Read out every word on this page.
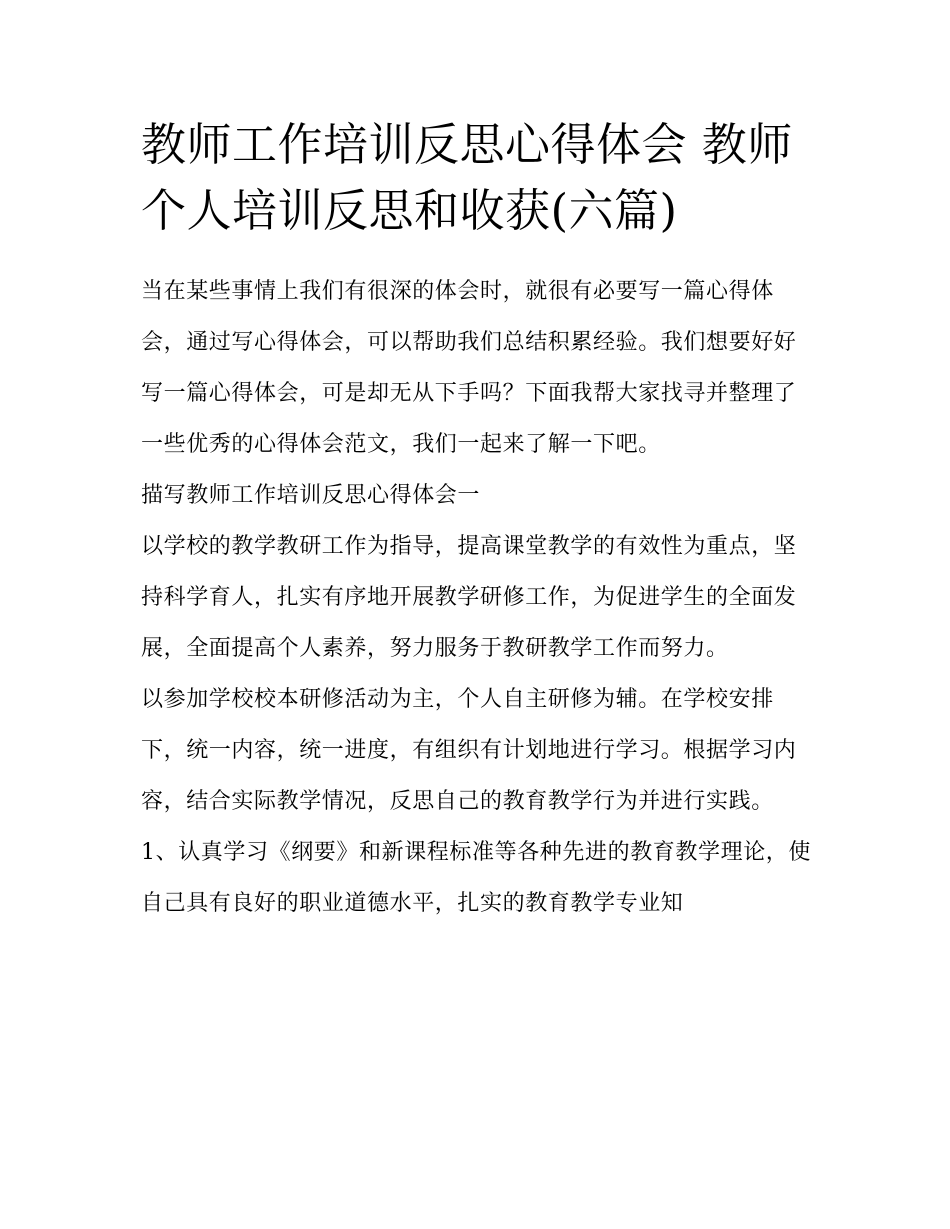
教师工作培训反思心得体会 教师个人培训反思和收获(六篇)

当在某些事情上我们有很深的体会时，就很有必要写一篇心得体会，通过写心得体会，可以帮助我们总结积累经验。我们想要好好写一篇心得体会，可是却无从下手吗？下面我帮大家找寻并整理了一些优秀的心得体会范文，我们一起来了解一下吧。

描写教师工作培训反思心得体会一

以学校的教学教研工作为指导，提高课堂教学的有效性为重点，坚持科学育人，扎实有序地开展教学研修工作，为促进学生的全面发展，全面提高个人素养，努力服务于教研教学工作而努力。

以参加学校校本研修活动为主，个人自主研修为辅。在学校安排下，统一内容，统一进度，有组织有计划地进行学习。根据学习内容，结合实际教学情况，反思自己的教育教学行为并进行实践。

1、认真学习《纲要》和新课程标准等各种先进的教育教学理论，使自己具有良好的职业道德水平，扎实的教育教学专业知
